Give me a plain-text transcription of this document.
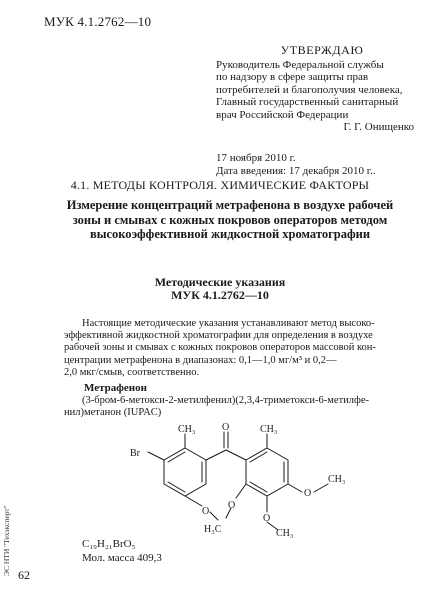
МУК 4.1.2762—10
УТВЕРЖДАЮ
Руководитель Федеральной службы
по надзору в сфере защиты прав
потребителей и благополучия человека,
Главный государственный санитарный
врач Российской Федерации
Г. Г. Онищенко
17 ноября 2010 г.
Дата введения: 17 декабря 2010 г..
4.1. МЕТОДЫ КОНТРОЛЯ. ХИМИЧЕСКИЕ ФАКТОРЫ
Измерение концентраций метрафенона в воздухе рабочей зоны и смывах с кожных покровов операторов методом высокоэффективной жидкостной хроматографии
Методические указания
МУК 4.1.2762—10
Настоящие методические указания устанавливают метод высоко-
эффективной жидкостной хроматографии для определения в воздухе
рабочей зоны и смывах с кожных покровов операторов массовой кон-
центрации метрафенона в диапазонах: 0,1—1,0 мг/м³ и 0,2—
2,0 мкг/смыв, соответственно.
Метрафенон
(3-бром-6-метокси-2-метилфенил)(2,3,4-триметокси-6-метилфе-
нил)метанон (IUPAC)
Br
O
CH₃	CH₃
O
O
O
O
H₃C
CH₃
CH₃
C₁₉H₂₁BrO₅
Мол. масса 409,3
62
ЭС НТИ "Техэксперт"
